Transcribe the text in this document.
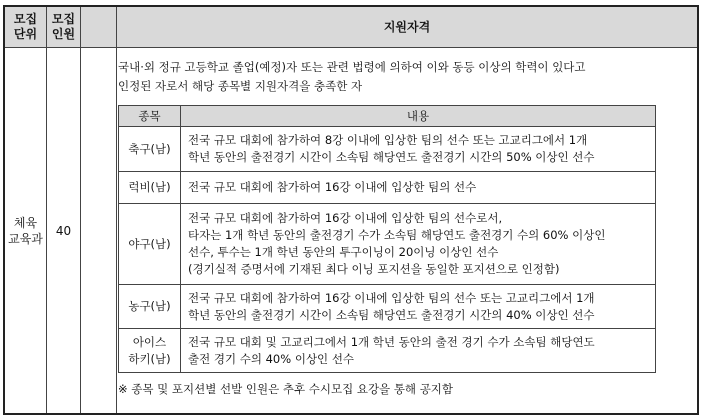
모집
단위
모집
인원
지원자격
체육
교육과
40
국내·외 정규 고등학교 졸업(예정)자 또는 관련 법령에 의하여 이와 동등 이상의 학력이 있다고
인정된 자로서 해당 종목별 지원자격을 충족한 자
종목	내용
축구(남)
전국 규모 대회에 참가하여 8강 이내에 입상한 팀의 선수 또는 고교리그에서 1개
학년 동안의 출전경기 시간이 소속팀 해당연도 출전경기 시간의 50% 이상인 선수
럭비(남) 전국 규모 대회에 참가하여 16강 이내에 입상한 팀의 선수
야구(남)
전국 규모 대회에 참가하여 16강 이내에 입상한 팀의 선수로서,
타자는 1개 학년 동안의 출전경기 수가 소속팀 해당연도 출전경기 수의 60% 이상인
선수, 투수는 1개 학년 동안의 투구이닝이 20이닝 이상인 선수
(경기실적 증명서에 기재된 최다 이닝 포지션을 동일한 포지션으로 인정함)
농구(남)
전국 규모 대회에 참가하여 16강 이내에 입상한 팀의 선수 또는 고교리그에서 1개
학년 동안의 출전경기 시간이 소속팀 해당연도 출전경기 시간의 40% 이상인 선수
아이스
하키(남)
전국 규모 대회 및 고교리그에서 1개 학년 동안의 출전 경기 수가 소속팀 해당연도
출전 경기 수의 40% 이상인 선수
※ 종목 및 포지션별 선발 인원은 추후 수시모집 요강을 통해 공지함
